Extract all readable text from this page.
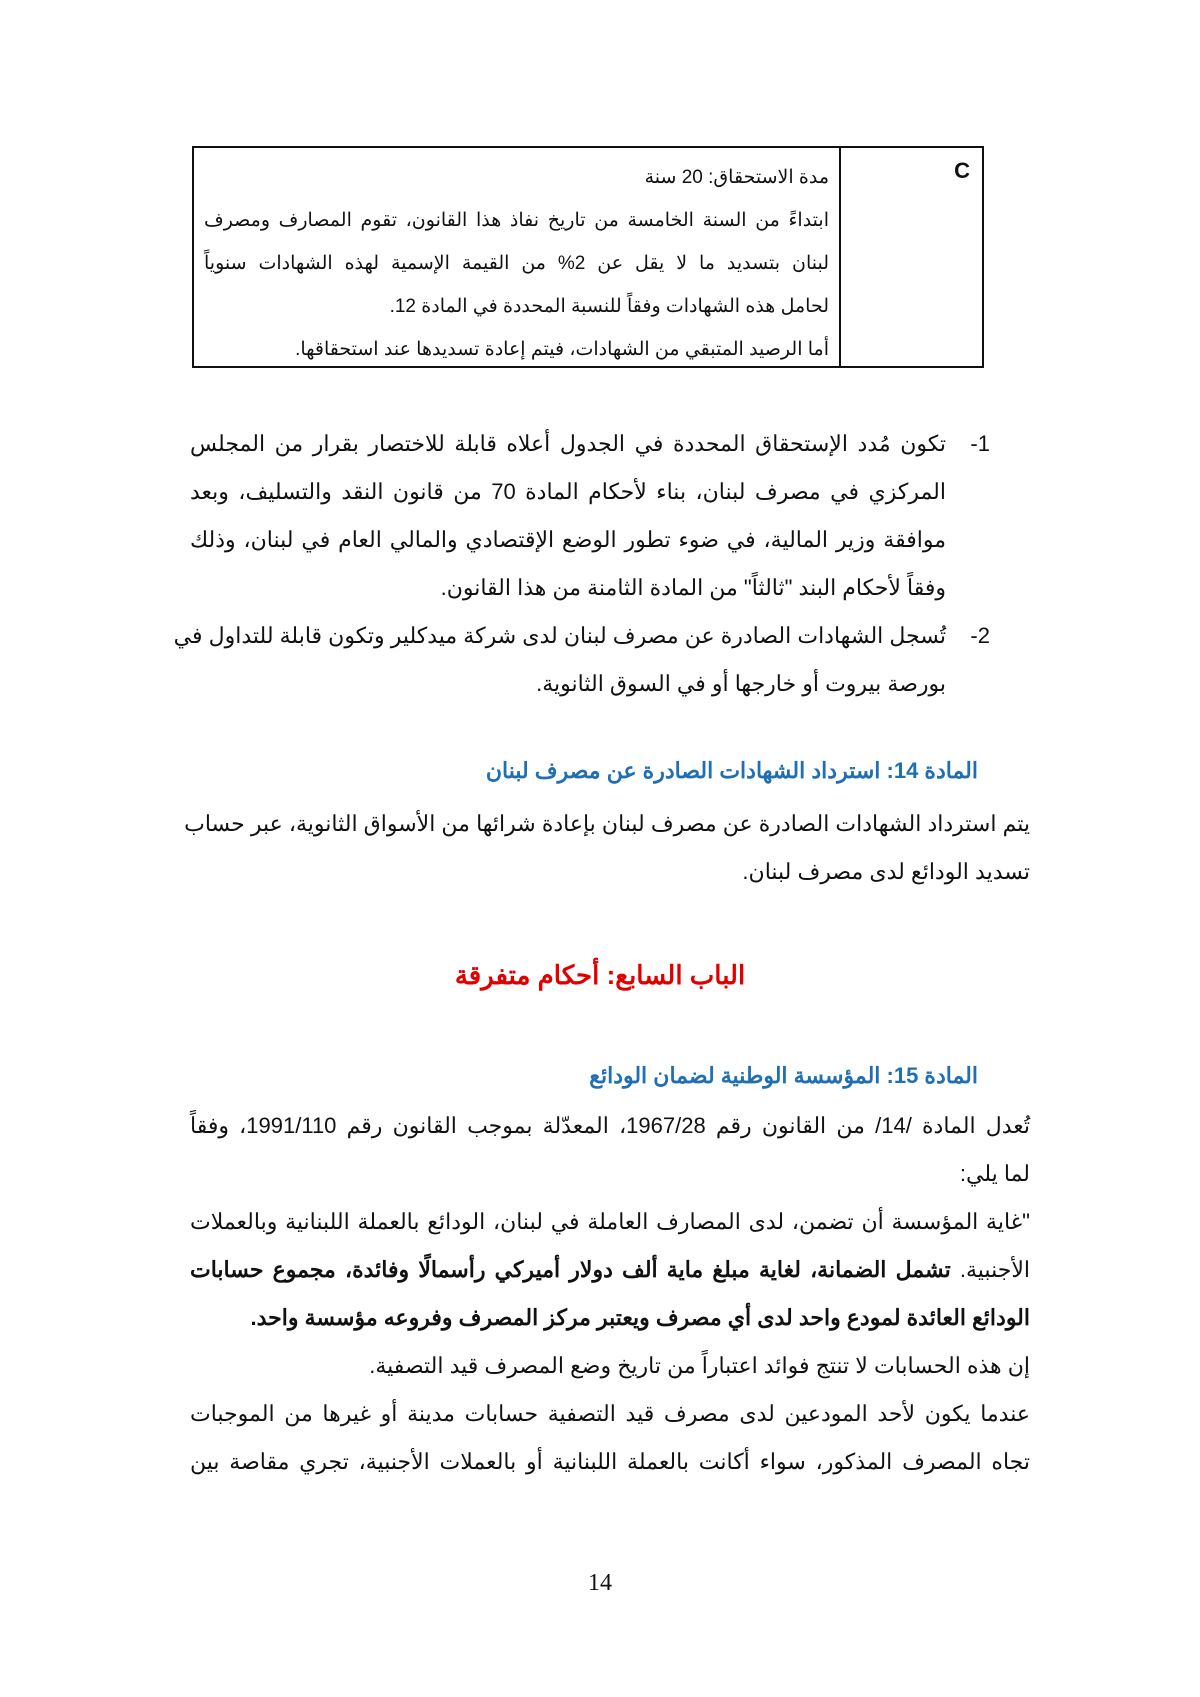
C

مدة الاستحقاق: 20 سنة

ابتداءً من السنة الخامسة من تاريخ نفاذ هذا القانون، تقوم المصارف ومصرف

لبنان بتسديد ما لا يقل عن 2% من القيمة الإسمية لهذه الشهادات سنوياً

لحامل هذه الشهادات وفقاً للنسبة المحددة في المادة 12.

أما الرصيد المتبقي من الشهادات، فيتم إعادة تسديدها عند استحقاقها.

1-
تكون مُدد الإستحقاق المحددة في الجدول أعلاه قابلة للاختصار بقرار من المجلس
المركزي في مصرف لبنان، بناء لأحكام المادة 70 من قانون النقد والتسليف، وبعد
موافقة وزير المالية، في ضوء تطور الوضع الإقتصادي والمالي العام في لبنان، وذلك
وفقاً لأحكام البند "ثالثاً" من المادة الثامنة من هذا القانون.
2-
تُسجل الشهادات الصادرة عن مصرف لبنان لدى شركة ميدكلير وتكون قابلة للتداول في
بورصة بيروت أو خارجها أو في السوق الثانوية.
المادة 14: استرداد الشهادات الصادرة عن مصرف لبنان
يتم استرداد الشهادات الصادرة عن مصرف لبنان بإعادة شرائها من الأسواق الثانوية، عبر حساب
تسديد الودائع لدى مصرف لبنان.
الباب السابع: أحكام متفرقة
المادة 15: المؤسسة الوطنية لضمان الودائع
تُعدل المادة /14/ من القانون رقم 1967/28، المعدّلة بموجب القانون رقم 1991/110، وفقاً
لما يلي:
"غاية المؤسسة أن تضمن، لدى المصارف العاملة في لبنان، الودائع بالعملة اللبنانية وبالعملات
الأجنبية. تشمل الضمانة، لغاية مبلغ ماية ألف دولار أميركي رأسمالًا وفائدة، مجموع حسابات
الودائع العائدة لمودع واحد لدى أي مصرف ويعتبر مركز المصرف وفروعه مؤسسة واحد.
إن هذه الحسابات لا تنتج فوائد اعتباراً من تاريخ وضع المصرف قيد التصفية.
عندما يكون لأحد المودعين لدى مصرف قيد التصفية حسابات مدينة أو غيرها من الموجبات
تجاه المصرف المذكور، سواء أكانت بالعملة اللبنانية أو بالعملات الأجنبية، تجري مقاصة بين
14
